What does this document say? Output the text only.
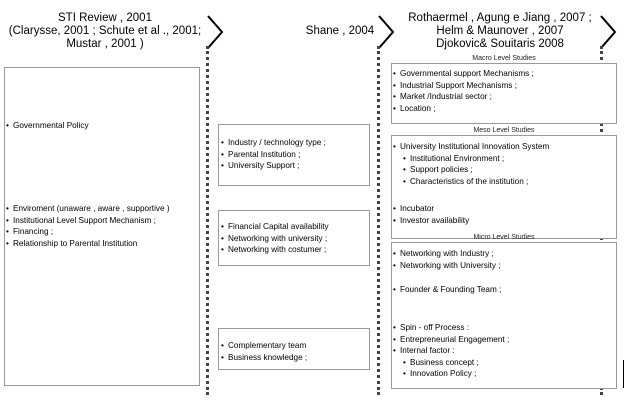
STI Review , 2001
(Clarysse, 2001 ; Schute et al ., 2001;
Mustar , 2001 )
Shane , 2004
Rothaermel , Agung e Jiang , 2007 ;
Helm & Maunover , 2007
Djokovic& Souitaris 2008
• Governmental Policy
• Enviroment (unaware , aware , supportive )
• Institutional Level Support Mechanism ;
• Financing ;
• Relationship to Parental Institution
• Industry / technology type ;
• Parental Institution ;
• University Support ;
• Financial Capital availability
• Networking with university ;
• Networking with costumer ;
• Complementary team
• Business knowledge ;
Macro Level Studies
• Governmental support Mechanisms ;
• Industrial Support Mechanisms ;
• Market /Industrial sector ;
• Location ;
Meso Level Studies
• University Institutional Innovation System
• Institutional Environment ;
• Support policies ;
• Characteristics of the institution ;
• Incubator
• Investor availability
Micro Level Studies
• Networking with Industry ;
• Networking with University ;
• Founder & Founding Team ;
• Spin - off Process :
• Entrepreneurial Engagement ;
• Internal factor :
• Business concept ;
• Innovation Policy ;
